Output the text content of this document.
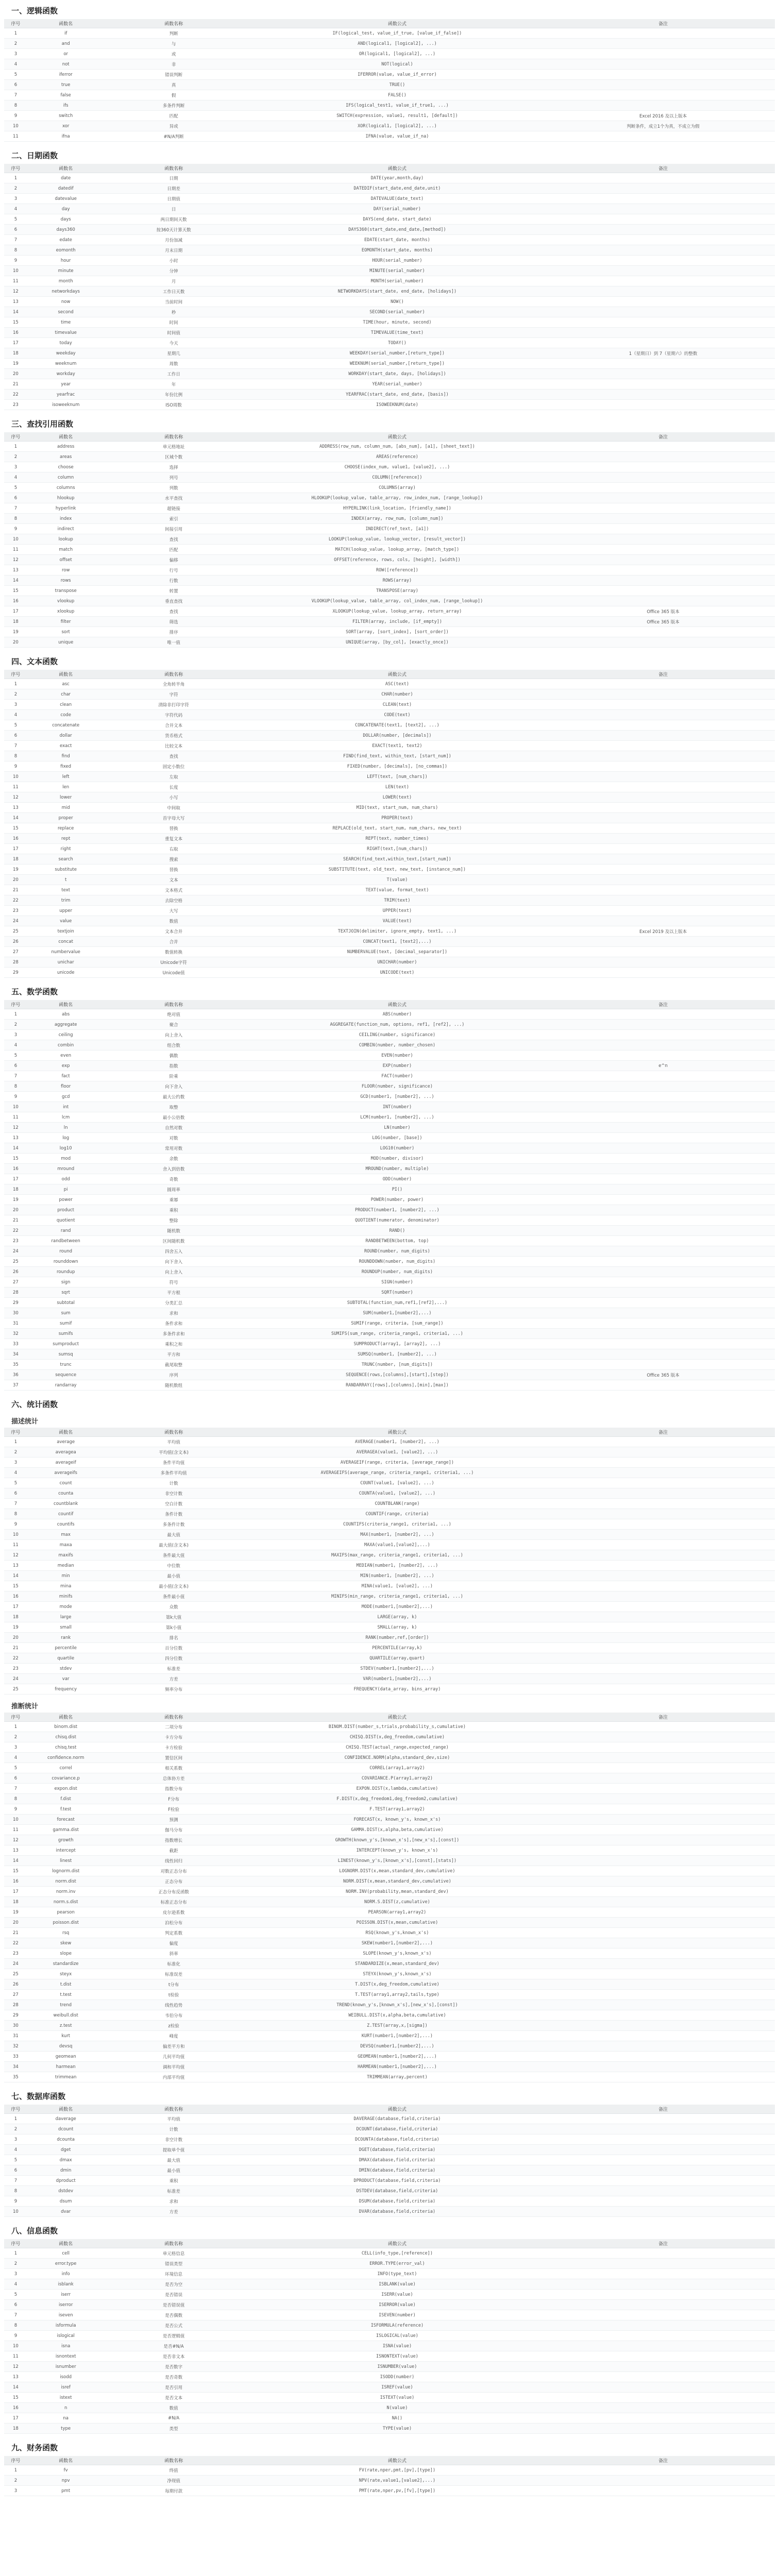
一、逻辑函数
序号	函数名	函数名称	函数公式	备注
1	if	判断	IF(logical_test, value_if_true, [value_if_false])	
2	and	与	AND(logical1, [logical2], ...)	
3	or	或	OR(logical1, [logical2], ...)	
4	not	非	NOT(logical)	
5	iferror	错误判断	IFERROR(value, value_if_error)	
6	true	真	TRUE()	
7	false	假	FALSE()	
8	ifs	多条件判断	IFS(logical_test1, value_if_true1, ...)	
9	switch	匹配	SWITCH(expression, value1, result1, [default])	Excel 2016 及以上版本
10	xor	异或	XOR(logical1, [logical2], ...)	判断条件，成立1个为真，不成立为假
11	ifna	#N/A判断	IFNA(value, value_if_na)	
二、日期函数
序号	函数名	函数名称	函数公式	备注
1	date	日期	DATE(year,month,day)	
2	datedif	日期差	DATEDIF(start_date,end_date,unit)	
3	datevalue	日期值	DATEVALUE(date_text)	
4	day	日	DAY(serial_number)	
5	days	两日期间天数	DAYS(end_date, start_date)	
6	days360	按360天计算天数	DAYS360(start_date,end_date,[method])	
7	edate	月份加减	EDATE(start_date, months)	
8	eomonth	月末日期	EOMONTH(start_date, months)	
9	hour	小时	HOUR(serial_number)	
10	minute	分钟	MINUTE(serial_number)	
11	month	月	MONTH(serial_number)	
12	networkdays	工作日天数	NETWORKDAYS(start_date, end_date, [holidays])	
13	now	当前时间	NOW()	
14	second	秒	SECOND(serial_number)	
15	time	时间	TIME(hour, minute, second)	
16	timevalue	时间值	TIMEVALUE(time_text)	
17	today	今天	TODAY()	
18	weekday	星期几	WEEKDAY(serial_number,[return_type])	1（星期日）到 7（星期六）的整数
19	weeknum	周数	WEEKNUM(serial_number,[return_type])	
20	workday	工作日	WORKDAY(start_date, days, [holidays])	
21	year	年	YEAR(serial_number)	
22	yearfrac	年份比例	YEARFRAC(start_date, end_date, [basis])	
23	isoweeknum	ISO周数	ISOWEEKNUM(date)	
三、查找引用函数
序号	函数名	函数名称	函数公式	备注
1	address	单元格地址	ADDRESS(row_num, column_num, [abs_num], [a1], [sheet_text])	
2	areas	区域个数	AREAS(reference)	
3	choose	选择	CHOOSE(index_num, value1, [value2], ...)	
4	column	列号	COLUMN([reference])	
5	columns	列数	COLUMNS(array)	
6	hlookup	水平查找	HLOOKUP(lookup_value, table_array, row_index_num, [range_lookup])	
7	hyperlink	超链接	HYPERLINK(link_location, [friendly_name])	
8	index	索引	INDEX(array, row_num, [column_num])	
9	indirect	间接引用	INDIRECT(ref_text, [a1])	
10	lookup	查找	LOOKUP(lookup_value, lookup_vector, [result_vector])	
11	match	匹配	MATCH(lookup_value, lookup_array, [match_type])	
12	offset	偏移	OFFSET(reference, rows, cols, [height], [width])	
13	row	行号	ROW([reference])	
14	rows	行数	ROWS(array)	
15	transpose	转置	TRANSPOSE(array)	
16	vlookup	垂直查找	VLOOKUP(lookup_value, table_array, col_index_num, [range_lookup])	
17	xlookup	查找	XLOOKUP(lookup_value, lookup_array, return_array)	Office 365 版本
18	filter	筛选	FILTER(array, include, [if_empty])	Office 365 版本
19	sort	排序	SORT(array, [sort_index], [sort_order])	
20	unique	唯一值	UNIQUE(array, [by_col], [exactly_once])	
四、文本函数
序号	函数名	函数名称	函数公式	备注
1	asc	全角转半角	ASC(text)	
2	char	字符	CHAR(number)	
3	clean	清除非打印字符	CLEAN(text)	
4	code	字符代码	CODE(text)	
5	concatenate	合并文本	CONCATENATE(text1, [text2], ...)	
6	dollar	货币格式	DOLLAR(number, [decimals])	
7	exact	比较文本	EXACT(text1, text2)	
8	find	查找	FIND(find_text, within_text, [start_num])	
9	fixed	固定小数位	FIXED(number, [decimals], [no_commas])	
10	left	左取	LEFT(text, [num_chars])	
11	len	长度	LEN(text)	
12	lower	小写	LOWER(text)	
13	mid	中间取	MID(text, start_num, num_chars)	
14	proper	首字母大写	PROPER(text)	
15	replace	替换	REPLACE(old_text, start_num, num_chars, new_text)	
16	rept	重复文本	REPT(text, number_times)	
17	right	右取	RIGHT(text,[num_chars])	
18	search	搜索	SEARCH(find_text,within_text,[start_num])	
19	substitute	替换	SUBSTITUTE(text, old_text, new_text, [instance_num])	
20	t	文本	T(value)	
21	text	文本格式	TEXT(value, format_text)	
22	trim	去除空格	TRIM(text)	
23	upper	大写	UPPER(text)	
24	value	数值	VALUE(text)	
25	textjoin	文本合并	TEXTJOIN(delimiter, ignore_empty, text1, ...)	Excel 2019 及以上版本
26	concat	合并	CONCAT(text1, [text2],...)	
27	numbervalue	数值转换	NUMBERVALUE(text, [decimal_separator])	
28	unichar	Unicode字符	UNICHAR(number)	
29	unicode	Unicode值	UNICODE(text)	
五、数学函数
序号	函数名	函数名称	函数公式	备注
1	abs	绝对值	ABS(number)	
2	aggregate	聚合	AGGREGATE(function_num, options, ref1, [ref2], ...)	
3	ceiling	向上舍入	CEILING(number, significance)	
4	combin	组合数	COMBIN(number, number_chosen)	
5	even	偶数	EVEN(number)	
6	exp	指数	EXP(number)	e^n
7	fact	阶乘	FACT(number)	
8	floor	向下舍入	FLOOR(number, significance)	
9	gcd	最大公约数	GCD(number1, [number2], ...)	
10	int	取整	INT(number)	
11	lcm	最小公倍数	LCM(number1, [number2], ...)	
12	ln	自然对数	LN(number)	
13	log	对数	LOG(number, [base])	
14	log10	常用对数	LOG10(number)	
15	mod	余数	MOD(number, divisor)	
16	mround	舍入到倍数	MROUND(number, multiple)	
17	odd	奇数	ODD(number)	
18	pi	圆周率	PI()	
19	power	乘幂	POWER(number, power)	
20	product	乘积	PRODUCT(number1, [number2], ...)	
21	quotient	整除	QUOTIENT(numerator, denominator)	
22	rand	随机数	RAND()	
23	randbetween	区间随机数	RANDBETWEEN(bottom, top)	
24	round	四舍五入	ROUND(number, num_digits)	
25	rounddown	向下舍入	ROUNDDOWN(number, num_digits)	
26	roundup	向上舍入	ROUNDUP(number, num_digits)	
27	sign	符号	SIGN(number)	
28	sqrt	平方根	SQRT(number)	
29	subtotal	分类汇总	SUBTOTAL(function_num,ref1,[ref2],...)	
30	sum	求和	SUM(number1,[number2],...)	
31	sumif	条件求和	SUMIF(range, criteria, [sum_range])	
32	sumifs	多条件求和	SUMIFS(sum_range, criteria_range1, criteria1, ...)	
33	sumproduct	乘积之和	SUMPRODUCT(array1, [array2], ...)	
34	sumsq	平方和	SUMSQ(number1, [number2], ...)	
35	trunc	截尾取整	TRUNC(number, [num_digits])	
36	sequence	序列	SEQUENCE(rows,[columns],[start],[step])	Office 365 版本
37	randarray	随机数组	RANDARRAY([rows],[columns],[min],[max])	
六、统计函数
描述统计
序号	函数名	函数名称	函数公式	备注
1	average	平均值	AVERAGE(number1, [number2], ...)	
2	averagea	平均值(含文本)	AVERAGEA(value1, [value2], ...)	
3	averageif	条件平均值	AVERAGEIF(range, criteria, [average_range])	
4	averageifs	多条件平均值	AVERAGEIFS(average_range, criteria_range1, criteria1, ...)	
5	count	计数	COUNT(value1, [value2], ...)	
6	counta	非空计数	COUNTA(value1, [value2], ...)	
7	countblank	空白计数	COUNTBLANK(range)	
8	countif	条件计数	COUNTIF(range, criteria)	
9	countifs	多条件计数	COUNTIFS(criteria_range1, criteria1, ...)	
10	max	最大值	MAX(number1, [number2], ...)	
11	maxa	最大值(含文本)	MAXA(value1,[value2],...)	
12	maxifs	条件最大值	MAXIFS(max_range, criteria_range1, criteria1, ...)	
13	median	中位数	MEDIAN(number1, [number2], ...)	
14	min	最小值	MIN(number1, [number2], ...)	
15	mina	最小值(含文本)	MINA(value1, [value2], ...)	
16	minifs	条件最小值	MINIFS(min_range, criteria_range1, criteria1, ...)	
17	mode	众数	MODE(number1,[number2],...)	
18	large	第k大值	LARGE(array, k)	
19	small	第k小值	SMALL(array, k)	
20	rank	排名	RANK(number,ref,[order])	
21	percentile	百分位数	PERCENTILE(array,k)	
22	quartile	四分位数	QUARTILE(array,quart)	
23	stdev	标准差	STDEV(number1,[number2],...)	
24	var	方差	VAR(number1,[number2],...)	
25	frequency	频率分布	FREQUENCY(data_array, bins_array)	
推断统计
序号	函数名	函数名称	函数公式	备注
1	binom.dist	二项分布	BINOM.DIST(number_s,trials,probability_s,cumulative)	
2	chisq.dist	卡方分布	CHISQ.DIST(x,deg_freedom,cumulative)	
3	chisq.test	卡方检验	CHISQ.TEST(actual_range,expected_range)	
4	confidence.norm	置信区间	CONFIDENCE.NORM(alpha,standard_dev,size)	
5	correl	相关系数	CORREL(array1,array2)	
6	covariance.p	总体协方差	COVARIANCE.P(array1,array2)	
7	expon.dist	指数分布	EXPON.DIST(x,lambda,cumulative)	
8	f.dist	F分布	F.DIST(x,deg_freedom1,deg_freedom2,cumulative)	
9	f.test	F检验	F.TEST(array1,array2)	
10	forecast	预测	FORECAST(x, known_y's, known_x's)	
11	gamma.dist	伽马分布	GAMMA.DIST(x,alpha,beta,cumulative)	
12	growth	指数增长	GROWTH(known_y's,[known_x's],[new_x's],[const])	
13	intercept	截距	INTERCEPT(known_y's, known_x's)	
14	linest	线性回归	LINEST(known_y's,[known_x's],[const],[stats])	
15	lognorm.dist	对数正态分布	LOGNORM.DIST(x,mean,standard_dev,cumulative)	
16	norm.dist	正态分布	NORM.DIST(x,mean,standard_dev,cumulative)	
17	norm.inv	正态分布反函数	NORM.INV(probability,mean,standard_dev)	
18	norm.s.dist	标准正态分布	NORM.S.DIST(z,cumulative)	
19	pearson	皮尔逊系数	PEARSON(array1,array2)	
20	poisson.dist	泊松分布	POISSON.DIST(x,mean,cumulative)	
21	rsq	判定系数	RSQ(known_y's,known_x's)	
22	skew	偏度	SKEW(number1,[number2],...)	
23	slope	斜率	SLOPE(known_y's,known_x's)	
24	standardize	标准化	STANDARDIZE(x,mean,standard_dev)	
25	steyx	标准误差	STEYX(known_y's,known_x's)	
26	t.dist	t分布	T.DIST(x,deg_freedom,cumulative)	
27	t.test	t检验	T.TEST(array1,array2,tails,type)	
28	trend	线性趋势	TREND(known_y's,[known_x's],[new_x's],[const])	
29	weibull.dist	韦伯分布	WEIBULL.DIST(x,alpha,beta,cumulative)	
30	z.test	z检验	Z.TEST(array,x,[sigma])	
31	kurt	峰度	KURT(number1,[number2],...)	
32	devsq	偏差平方和	DEVSQ(number1,[number2],...)	
33	geomean	几何平均值	GEOMEAN(number1,[number2],...)	
34	harmean	调和平均值	HARMEAN(number1,[number2],...)	
35	trimmean	内部平均值	TRIMMEAN(array,percent)	
七、数据库函数
序号	函数名	函数名称	函数公式	备注
1	daverage	平均值	DAVERAGE(database,field,criteria)	
2	dcount	计数	DCOUNT(database,field,criteria)	
3	dcounta	非空计数	DCOUNTA(database,field,criteria)	
4	dget	提取单个值	DGET(database,field,criteria)	
5	dmax	最大值	DMAX(database,field,criteria)	
6	dmin	最小值	DMIN(database,field,criteria)	
7	dproduct	乘积	DPRODUCT(database,field,criteria)	
8	dstdev	标准差	DSTDEV(database,field,criteria)	
9	dsum	求和	DSUM(database,field,criteria)	
10	dvar	方差	DVAR(database,field,criteria)	
八、信息函数
序号	函数名	函数名称	函数公式	备注
1	cell	单元格信息	CELL(info_type,[reference])	
2	error.type	错误类型	ERROR.TYPE(error_val)	
3	info	环境信息	INFO(type_text)	
4	isblank	是否为空	ISBLANK(value)	
5	iserr	是否错误	ISERR(value)	
6	iserror	是否错误值	ISERROR(value)	
7	iseven	是否偶数	ISEVEN(number)	
8	isformula	是否公式	ISFORMULA(reference)	
9	islogical	是否逻辑值	ISLOGICAL(value)	
10	isna	是否#N/A	ISNA(value)	
11	isnontext	是否非文本	ISNONTEXT(value)	
12	isnumber	是否数字	ISNUMBER(value)	
13	isodd	是否奇数	ISODD(number)	
14	isref	是否引用	ISREF(value)	
15	istext	是否文本	ISTEXT(value)	
16	n	数值	N(value)	
17	na	#N/A	NA()	
18	type	类型	TYPE(value)	
九、财务函数
序号	函数名	函数名称	函数公式	备注
1	fv	终值	FV(rate,nper,pmt,[pv],[type])	
2	npv	净现值	NPV(rate,value1,[value2],...)	
3	pmt	每期付款	PMT(rate,nper,pv,[fv],[type])	
